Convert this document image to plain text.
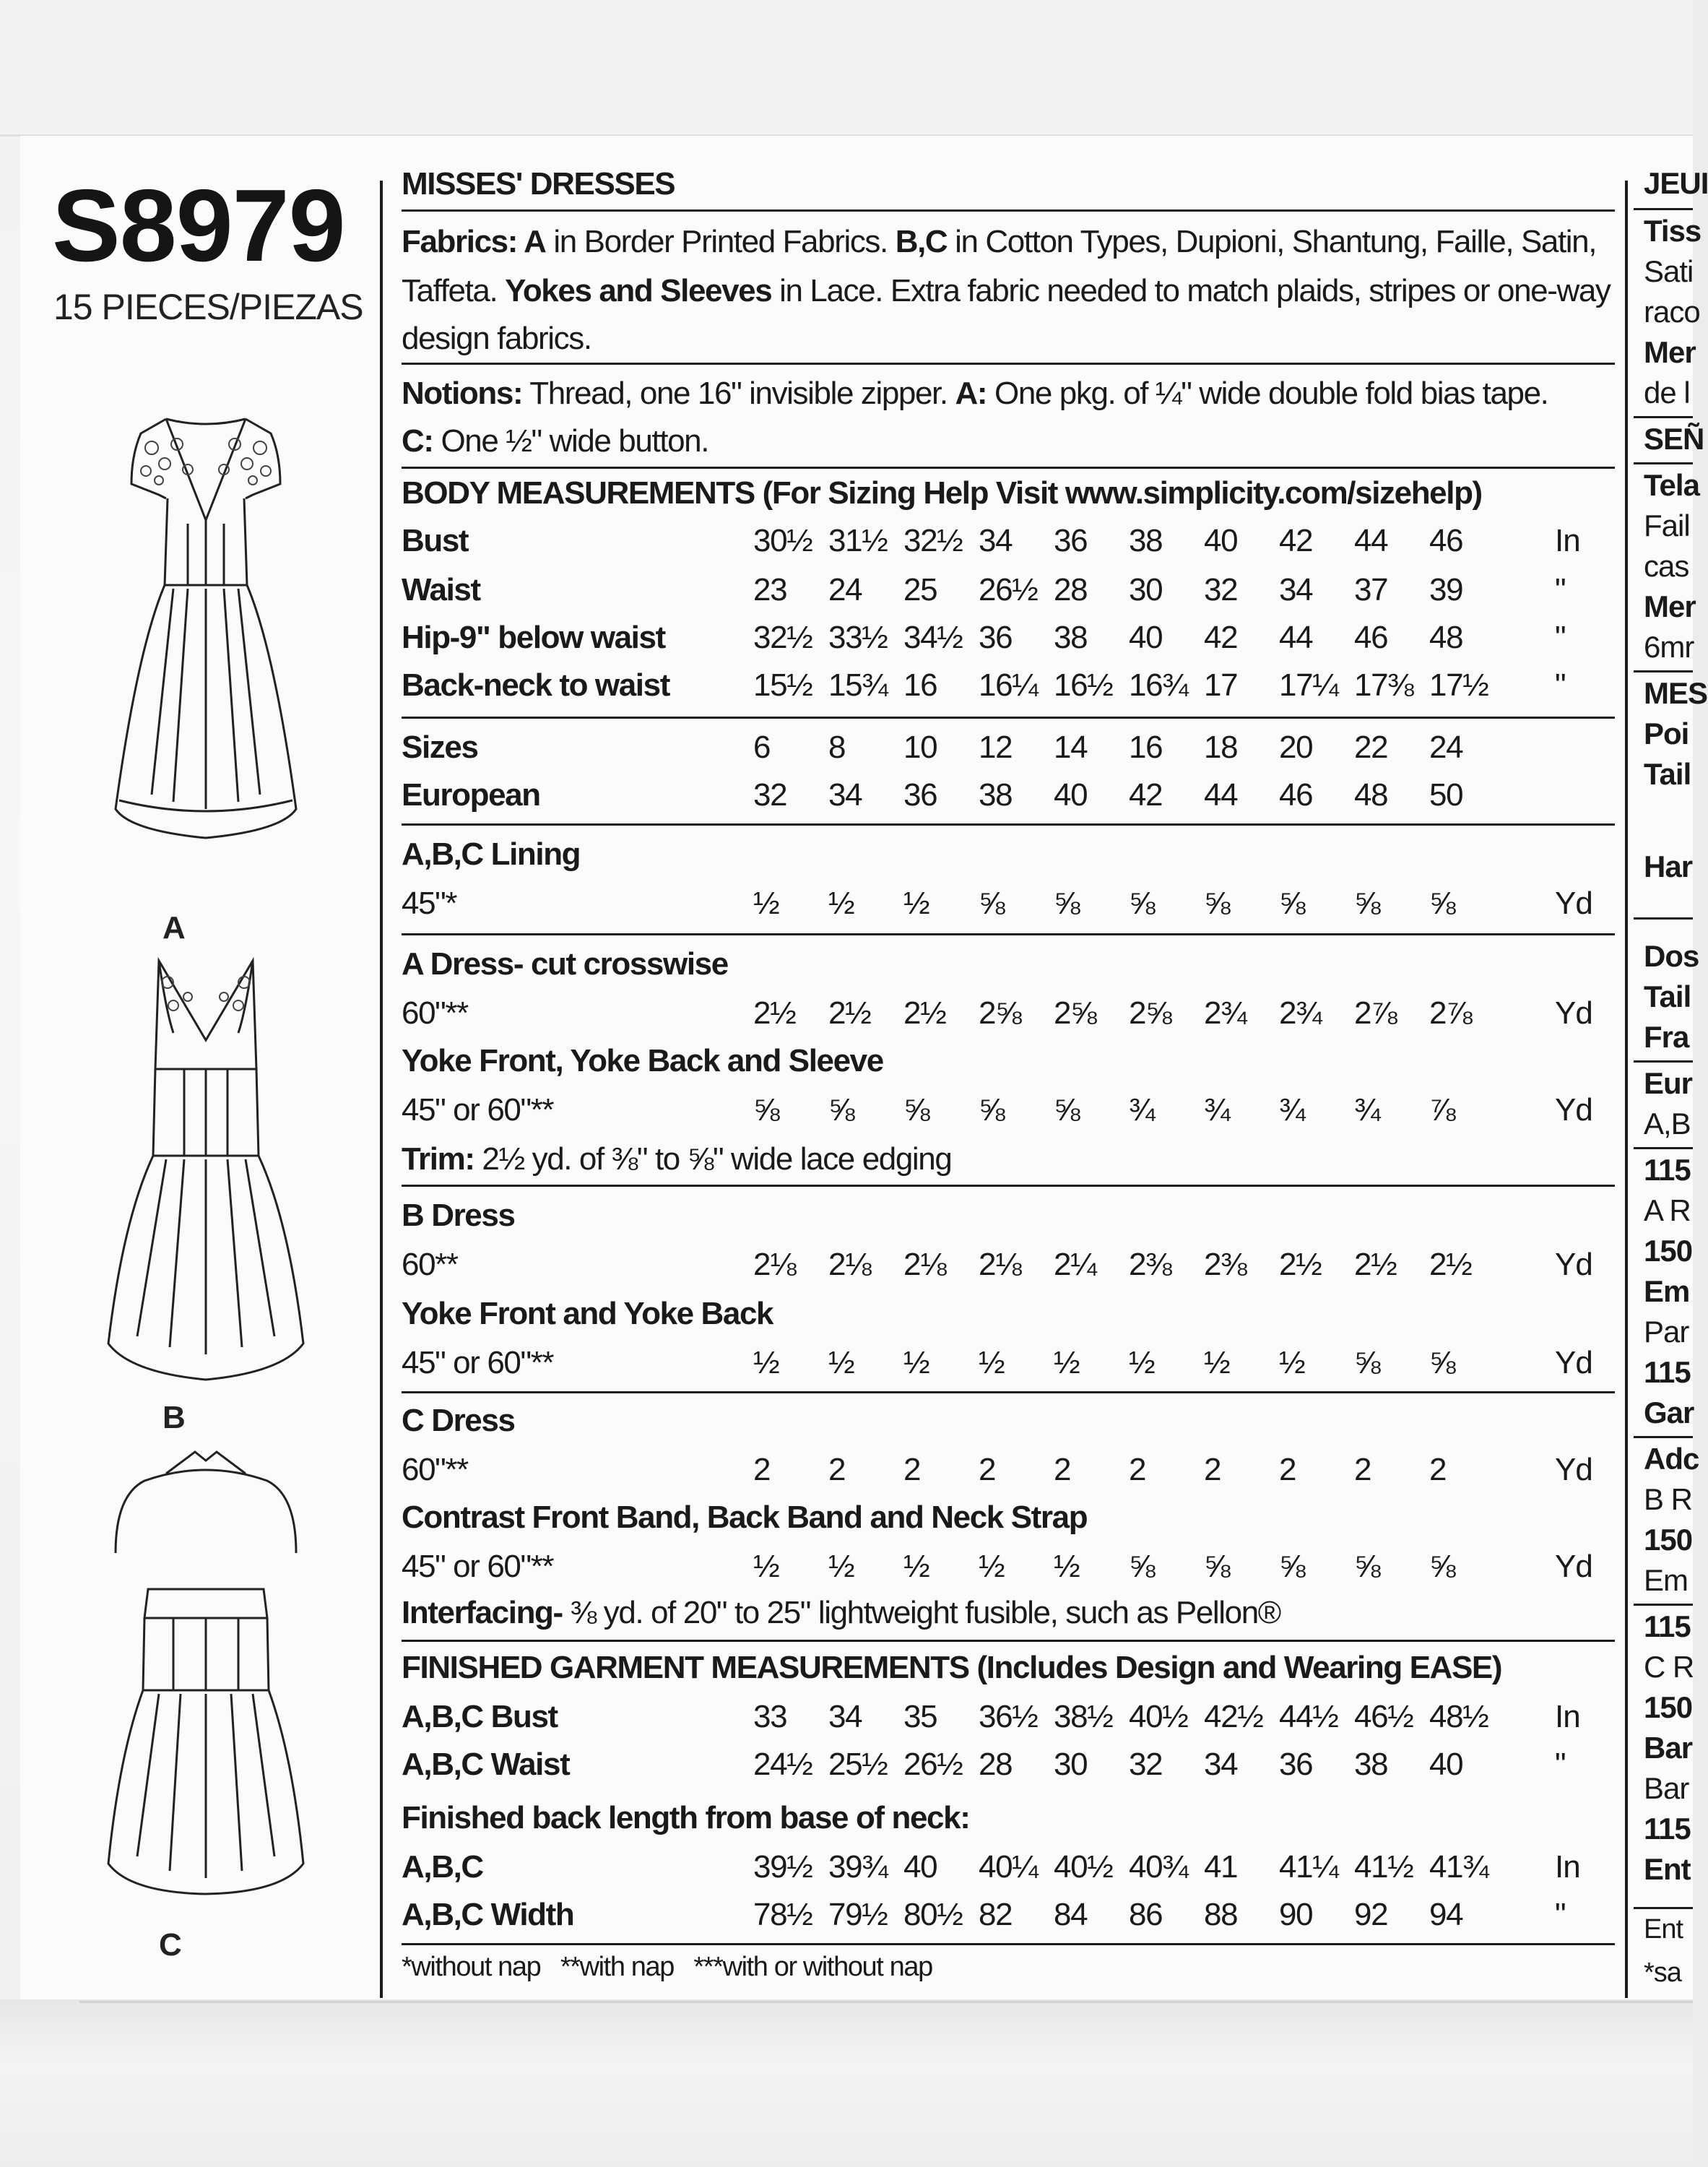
S8979
15 PIECES/PIEZAS
A
B
C
MISSES' DRESSES
Fabrics: A in Border Printed Fabrics. B,C in Cotton Types, Dupioni, Shantung, Faille, Satin,
Taffeta. Yokes and Sleeves in Lace. Extra fabric needed to match plaids, stripes or one-way
design fabrics.
Notions: Thread, one 16" invisible zipper. A: One pkg. of ¼" wide double fold bias tape.
C: One ½" wide button.
BODY MEASUREMENTS (For Sizing Help Visit www.simplicity.com/sizehelp)
Bust	30½ 31½ 32½ 34	36	38	40	42	44	46	In
Waist	23	24	25	26½ 28	30	32	34	37	39	"
Hip-9" below waist	32½ 33½ 34½ 36	38	40	42	44	46	48	"
Back-neck to waist	15½ 15¾ 16	16¼ 16½ 16¾ 17	17¼ 17⅜ 17½	"
Sizes	6	8	10	12	14	16	18	20	22	24
European	32	34	36	38	40	42	44	46	48	50
A,B,C Lining
45"*	½	½	½	⅝	⅝	⅝	⅝	⅝	⅝	⅝	Yd
A Dress- cut crosswise
60"**	2½	2½	2½	2⅝	2⅝	2⅝	2¾	2¾	2⅞	2⅞	Yd
Yoke Front, Yoke Back and Sleeve
45" or 60"**	⅝	⅝	⅝	⅝	⅝	¾	¾	¾	¾	⅞	Yd
Trim: 2½ yd. of ⅜" to ⅝" wide lace edging
B Dress
60**	2⅛	2⅛	2⅛	2⅛	2¼	2⅜	2⅜	2½	2½	2½	Yd
Yoke Front and Yoke Back
45" or 60"**	½	½	½	½	½	½	½	½	⅝	⅝	Yd
C Dress
60"**	2	2	2	2	2	2	2	2	2	2	Yd
Contrast Front Band, Back Band and Neck Strap
45" or 60"**	½	½	½	½	½	⅝	⅝	⅝	⅝	⅝	Yd
Interfacing- ⅜ yd. of 20" to 25" lightweight fusible, such as Pellon®
FINISHED GARMENT MEASUREMENTS (Includes Design and Wearing EASE)
A,B,C Bust	33	34	35	36½ 38½ 40½ 42½ 44½ 46½ 48½	In
A,B,C Waist	24½ 25½ 26½ 28	30	32	34	36	38	40	"
Finished back length from base of neck:
A,B,C	39½ 39¾ 40	40¼ 40½ 40¾ 41	41¼ 41½ 41¾	In
A,B,C Width	78½ 79½ 80½ 82	84	86	88	90	92	94	"
*without nap   **with nap   ***with or without nap
JEUI
Tiss
Sati
raco
Mer
de l
SEÑ
Tela
Fail
cas
Mer
6mr
MES
Poi
Tail
Har
Dos
Tail
Fra
Eur
A,B
115
A R
150
Em
Par
115
Gar
Adc
B R
150
Em
115
C R
150
Bar
Bar
115
Ent
Ent
*sa
